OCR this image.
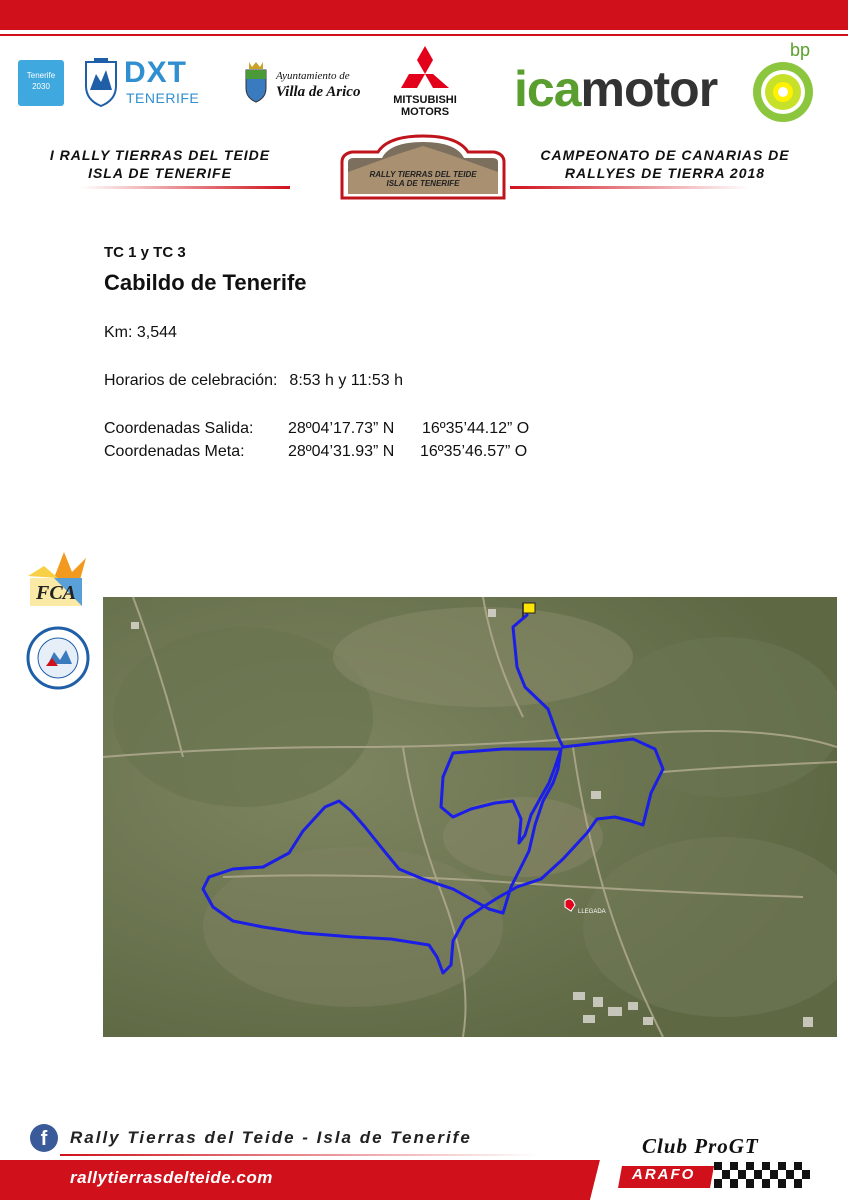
Tenerife 2030	DXT
TENERIFE
Ayuntamiento de
Villa de Arico	MITSUBISHI
MOTORS icamotor
bp
I RALLY TIERRAS DEL TEIDE
ISLA DE TENERIFE	RALLY TIERRAS DEL TEIDE
ISLA DE TENERIFE
CAMPEONATO DE CANARIAS DE
RALLYES DE TIERRA 2018
TC 1 y TC 3
Cabildo de Tenerife
Km: 3,544
Horarios de celebración: 8:53 h y 11:53 h
Coordenadas Salida: 28º04’17.73” N 16º35’44.12” O
Coordenadas Meta:	28º04’31.93” N 16º35’46.57” O
FCA
LLEGADA
f	Rally Tierras del Teide - Isla de Tenerife
rallytierrasdelteide.com
Club ProGT
ARAFO
